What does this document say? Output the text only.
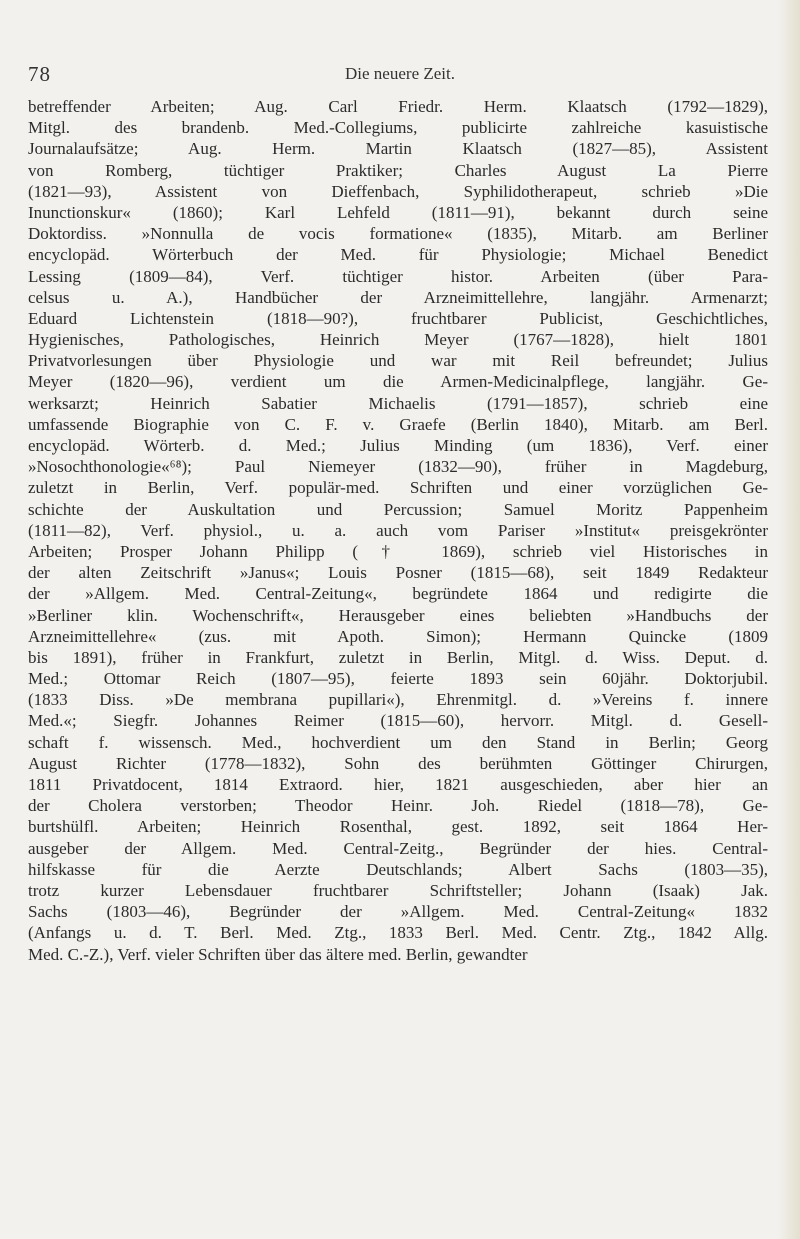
78	Die neuere Zeit.
betreffender Arbeiten; Aug. Carl Friedr. Herm. Klaatsch (1792—1829),
Mitgl. des brandenb. Med.-Collegiums, publicirte zahlreiche kasuistische
Journalaufsätze; Aug. Herm. Martin Klaatsch (1827—85), Assistent
von Romberg, tüchtiger Praktiker; Charles August La Pierre
(1821—93), Assistent von Dieffenbach, Syphilidotherapeut, schrieb »Die
Inunctionskur« (1860); Karl Lehfeld (1811—91), bekannt durch seine
Doktordiss. »Nonnulla de vocis formatione« (1835), Mitarb. am Berliner
encyclopäd. Wörterbuch der Med. für Physiologie; Michael Benedict
Lessing (1809—84), Verf. tüchtiger histor. Arbeiten (über Para-
celsus u. A.), Handbücher der Arzneimittellehre, langjähr. Armenarzt;
Eduard Lichtenstein (1818—90?), fruchtbarer Publicist, Geschichtliches,
Hygienisches, Pathologisches, Heinrich Meyer (1767—1828), hielt 1801
Privatvorlesungen über Physiologie und war mit Reil befreundet; Julius
Meyer (1820—96), verdient um die Armen-Medicinalpflege, langjähr. Ge-
werksarzt; Heinrich Sabatier Michaelis (1791—1857), schrieb eine
umfassende Biographie von C. F. v. Graefe (Berlin 1840), Mitarb. am Berl.
encyclopäd. Wörterb. d. Med.; Julius Minding (um 1836), Verf. einer
»Nosochthonologie«⁶⁸); Paul Niemeyer (1832—90), früher in Magdeburg,
zuletzt in Berlin, Verf. populär-med. Schriften und einer vorzüglichen Ge-
schichte der Auskultation und Percussion; Samuel Moritz Pappenheim
(1811—82), Verf. physiol., u. a. auch vom Pariser »Institut« preisgekrönter
Arbeiten; Prosper Johann Philipp († 1869), schrieb viel Historisches in
der alten Zeitschrift »Janus«; Louis Posner (1815—68), seit 1849 Redakteur
der »Allgem. Med. Central-Zeitung«, begründete 1864 und redigirte die
»Berliner klin. Wochenschrift«, Herausgeber eines beliebten »Handbuchs der
Arzneimittellehre« (zus. mit Apoth. Simon); Hermann Quincke (1809
bis 1891), früher in Frankfurt, zuletzt in Berlin, Mitgl. d. Wiss. Deput. d.
Med.; Ottomar Reich (1807—95), feierte 1893 sein 60jähr. Doktorjubil.
(1833 Diss. »De membrana pupillari«), Ehrenmitgl. d. »Vereins f. innere
Med.«; Siegfr. Johannes Reimer (1815—60), hervorr. Mitgl. d. Gesell-
schaft f. wissensch. Med., hochverdient um den Stand in Berlin; Georg
August Richter (1778—1832), Sohn des berühmten Göttinger Chirurgen,
1811 Privatdocent, 1814 Extraord. hier, 1821 ausgeschieden, aber hier an
der Cholera verstorben; Theodor Heinr. Joh. Riedel (1818—78), Ge-
burtshülfl. Arbeiten; Heinrich Rosenthal, gest. 1892, seit 1864 Her-
ausgeber der Allgem. Med. Central-Zeitg., Begründer der hies. Central-
hilfskasse für die Aerzte Deutschlands; Albert Sachs (1803—35),
trotz kurzer Lebensdauer fruchtbarer Schriftsteller; Johann (Isaak) Jak.
Sachs (1803—46), Begründer der »Allgem. Med. Central-Zeitung« 1832
(Anfangs u. d. T. Berl. Med. Ztg., 1833 Berl. Med. Centr. Ztg., 1842 Allg.
Med. C.-Z.), Verf. vieler Schriften über das ältere med. Berlin, gewandter
